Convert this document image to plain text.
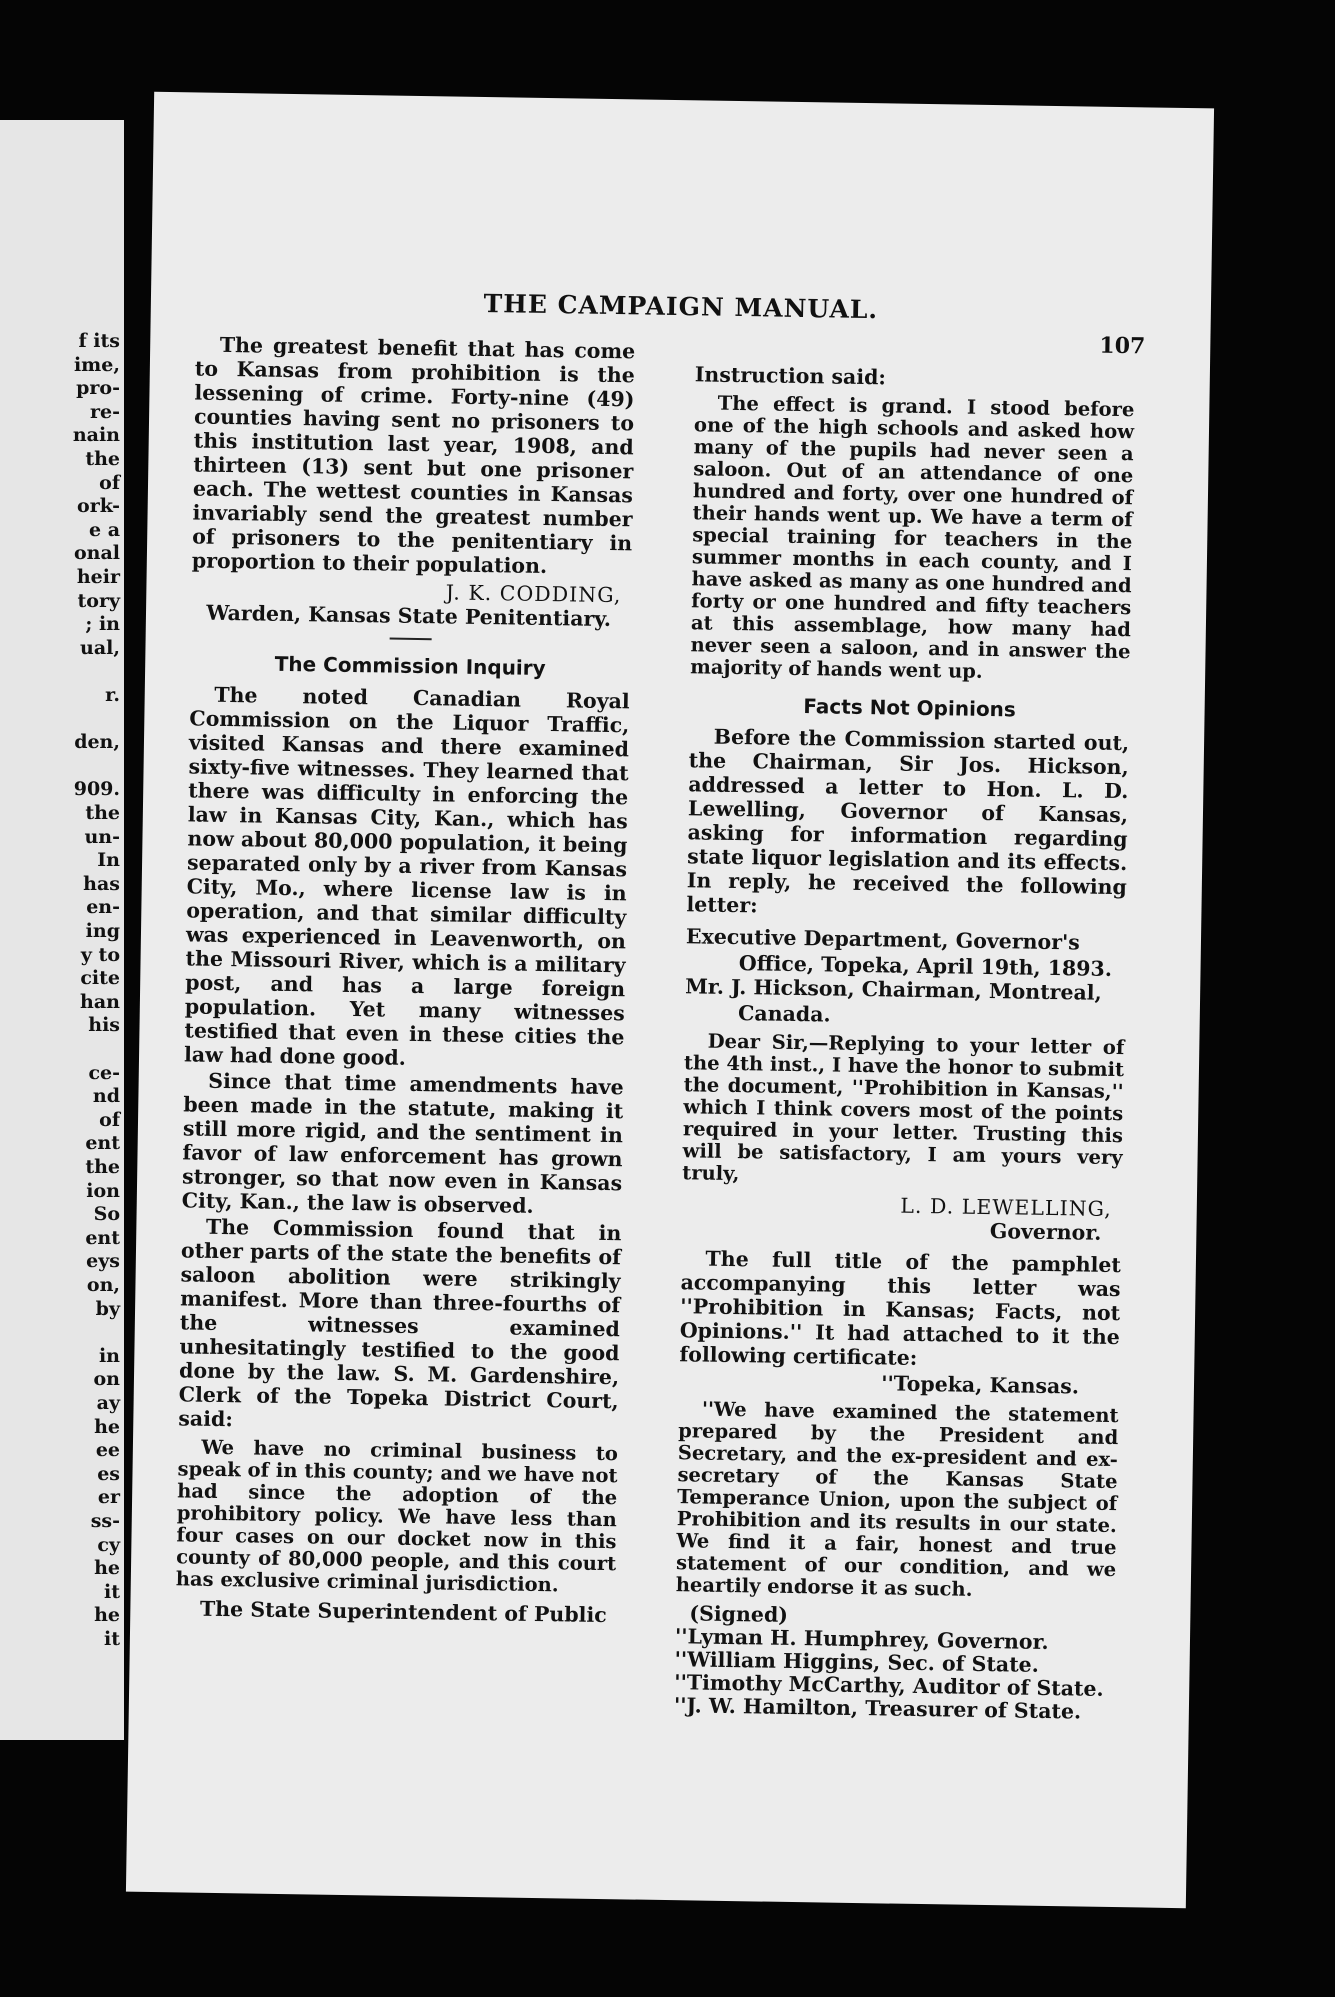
f its
ime,
pro-
re-
nain
the
of
ork-
e a
onal
heir
tory
; in
ual,
r.
den,
909.
the
un-
In
has
en-
ing
y to
cite
han
his
ce-
nd
of
ent
the
ion
So
ent
eys
on,
by
in
on
ay
he
ee
es
er
ss-
cy
he
it
he
it
THE CAMPAIGN MANUAL.
107

The greatest benefit that has come to Kansas from prohibition is the lessening of crime. Forty-nine (49) counties having sent no prisoners to this institution last year, 1908, and thirteen (13) sent but one prisoner each. The wettest counties in Kansas invariably send the greatest number of prisoners to the penitentiary in proportion to their population.

J. K. CODDING,

Warden, Kansas State Penitentiary.

The Commission Inquiry

The noted Canadian Royal Commission on the Liquor Traffic, visited Kansas and there examined sixty-five witnesses. They learned that there was difficulty in enforcing the law in Kansas City, Kan., which has now about 80,000 population, it being separated only by a river from Kansas City, Mo., where license law is in operation, and that similar difficulty was experienced in Leavenworth, on the Missouri River, which is a military post, and has a large foreign population. Yet many witnesses testified that even in these cities the law had done good.

Since that time amendments have been made in the statute, making it still more rigid, and the sentiment in favor of law enforcement has grown stronger, so that now even in Kansas City, Kan., the law is observed.

The Commission found that in other parts of the state the benefits of saloon abolition were strikingly manifest. More than three-fourths of the witnesses examined unhesitatingly testified to the good done by the law. S. M. Gardenshire, Clerk of the Topeka District Court, said:

We have no criminal business to speak of in this county; and we have not had since the adoption of the prohibitory policy. We have less than four cases on our docket now in this county of 80,000 people, and this court has exclusive criminal jurisdiction.

The State Superintendent of Public

Instruction said:

The effect is grand. I stood before one of the high schools and asked how many of the pupils had never seen a saloon. Out of an attendance of one hundred and forty, over one hundred of their hands went up. We have a term of special training for teachers in the summer months in each county, and I have asked as many as one hundred and forty or one hundred and fifty teachers at this assemblage, how many had never seen a saloon, and in answer the majority of hands went up.

Facts Not Opinions

Before the Commission started out, the Chairman, Sir Jos. Hickson, addressed a letter to Hon. L. D. Lewelling, Governor of Kansas, asking for information regarding state liquor legislation and its effects. In reply, he received the following letter:

Executive Department, Governor's

Office, Topeka, April 19th, 1893.

Mr. J. Hickson, Chairman, Montreal,

Canada.

Dear Sir,—Replying to your letter of the 4th inst., I have the honor to submit the document, ''Prohibition in Kansas,'' which I think covers most of the points required in your letter. Trusting this will be satisfactory, I am yours very truly,

L. D. LEWELLING,

Governor.

The full title of the pamphlet accompanying this letter was ''Prohibition in Kansas; Facts, not Opinions.'' It had attached to it the following certificate:

''Topeka, Kansas.

''We have examined the statement prepared by the President and Secretary, and the ex-president and ex-secretary of the Kansas State Temperance Union, upon the subject of Prohibition and its results in our state. We find it a fair, honest and true statement of our condition, and we heartily endorse it as such.

(Signed)

''Lyman H. Humphrey, Governor.

''William Higgins, Sec. of State.

''Timothy McCarthy, Auditor of State.

''J. W. Hamilton, Treasurer of State.
